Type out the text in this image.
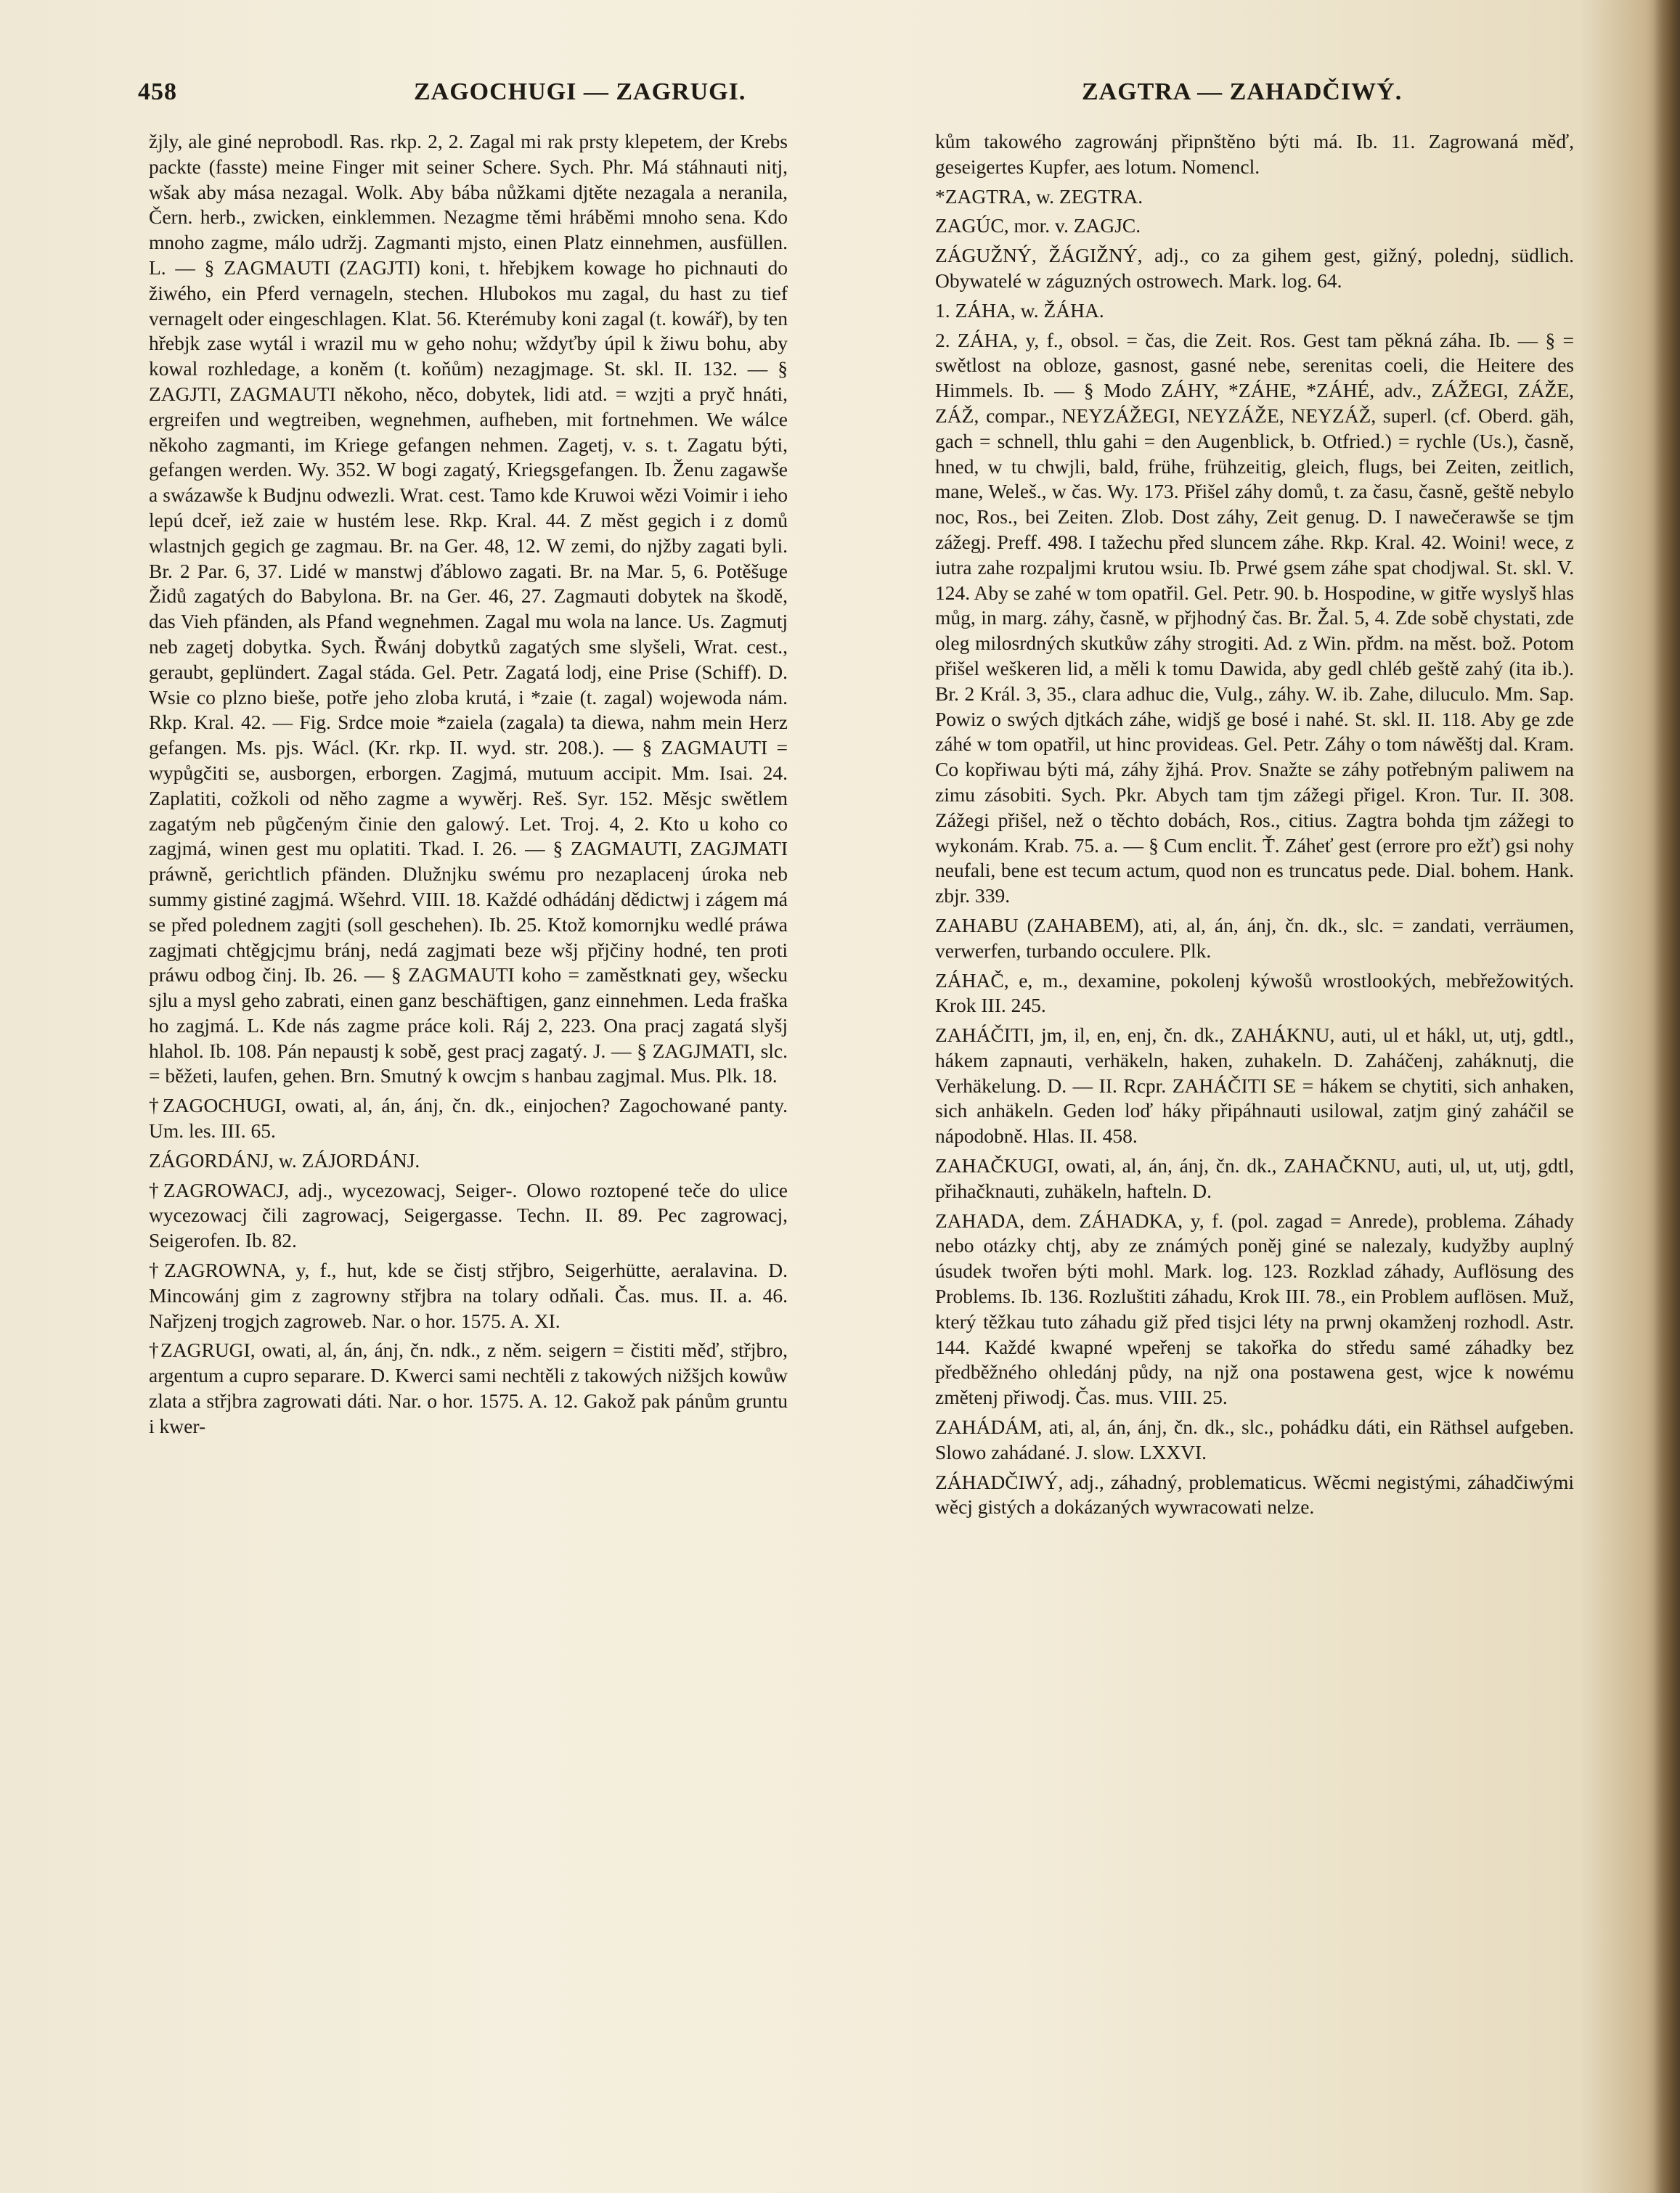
458	ZAGOCHUGI — ZAGRUGI.	ZAGTRA — ZAHADČIWÝ.

žjly, ale giné neprobodl. Ras. rkp. 2, 2. Zagal mi rak prsty klepetem, der Krebs packte (fasste) meine Finger mit seiner Schere. Sych. Phr. Má stáhnauti nitj, wšak aby mása nezagal. Wolk. Aby bába nůžkami djtěte nezagala a neranila, Čern. herb., zwicken, einklemmen. Nezagme těmi hráběmi mnoho sena. Kdo mnoho zagme, málo udržj. Zagmanti mjsto, einen Platz einnehmen, ausfüllen. L. — § ZAGMAUTI (ZAGJTI) koni, t. hřebjkem kowage ho pichnauti do žiwého, ein Pferd vernageln, stechen. Hlubokos mu zagal, du hast zu tief vernagelt oder eingeschlagen. Klat. 56. Kterémuby koni zagal (t. kowář), by ten hřebjk zase wytál i wrazil mu w geho nohu; wždyťby úpil k žiwu bohu, aby kowal rozhledage, a koněm (t. koňům) nezagjmage. St. skl. II. 132. — § ZAGJTI, ZAGMAUTI někoho, něco, dobytek, lidi atd. = wzjti a pryč hnáti, ergreifen und wegtreiben, wegnehmen, aufheben, mit fortnehmen. We wálce někoho zagmanti, im Kriege gefangen nehmen. Zagetj, v. s. t. Zagatu býti, gefangen werden. Wy. 352. W bogi zagatý, Kriegsgefangen. Ib. Ženu zagawše a swázawše k Budjnu odwezli. Wrat. cest. Tamo kde Kruwoi wězi Voimir i ieho lepú dceř, iež zaie w hustém lese. Rkp. Kral. 44. Z měst gegich i z domů wlastnjch gegich ge zagmau. Br. na Ger. 48, 12. W zemi, do njžby zagati byli. Br. 2 Par. 6, 37. Lidé w manstwj ďáblowo zagati. Br. na Mar. 5, 6. Potěšuge Židů zagatých do Babylona. Br. na Ger. 46, 27. Zagmauti dobytek na škodě, das Vieh pfänden, als Pfand wegnehmen. Zagal mu wola na lance. Us. Zagmutj neb zagetj dobytka. Sych. Řwánj dobytků zagatých sme slyšeli, Wrat. cest., geraubt, geplündert. Zagal stáda. Gel. Petr. Zagatá lodj, eine Prise (Schiff). D. Wsie co plzno bieše, potře jeho zloba krutá, i *zaie (t. zagal) wojewoda nám. Rkp. Kral. 42. — Fig. Srdce moie *zaiela (zagala) ta diewa, nahm mein Herz gefangen. Ms. pjs. Wácl. (Kr. rkp. II. wyd. str. 208.). — § ZAGMAUTI = wypůgčiti se, ausborgen, erborgen. Zagjmá, mutuum accipit. Mm. Isai. 24. Zaplatiti, cožkoli od něho zagme a wywěrj. Reš. Syr. 152. Měsjc swětlem zagatým neb půgčeným činie den galowý. Let. Troj. 4, 2. Kto u koho co zagjmá, winen gest mu oplatiti. Tkad. I. 26. — § ZAGMAUTI, ZAGJMATI práwně, gerichtlich pfänden. Dlužnjku swému pro nezaplacenj úroka neb summy gistiné zagjmá. Wšehrd. VIII. 18. Každé odhádánj dědictwj i zágem má se před polednem zagjti (soll geschehen). Ib. 25. Ktož komornjku wedlé práwa zagjmati chtěgjcjmu bránj, nedá zagjmati beze wšj přjčiny hodné, ten proti práwu odbog činj. Ib. 26. — § ZAGMAUTI koho = zaměstknati gey, wšecku sjlu a mysl geho zabrati, einen ganz beschäftigen, ganz einnehmen. Leda fraška ho zagjmá. L. Kde nás zagme práce koli. Ráj 2, 223. Ona pracj zagatá slyšj hlahol. Ib. 108. Pán nepaustj k sobě, gest pracj zagatý. J. — § ZAGJMATI, slc. = běžeti, laufen, gehen. Brn. Smutný k owcjm s hanbau zagjmal. Mus. Plk. 18.

†ZAGOCHUGI, owati, al, án, ánj, čn. dk., einjochen? Zagochowané panty. Um. les. III. 65.

ZÁGORDÁNJ, w. ZÁJORDÁNJ.

†ZAGROWACJ, adj., wycezowacj, Seiger-. Olowo roztopené teče do ulice wycezowacj čili zagrowacj, Seigergasse. Techn. II. 89. Pec zagrowacj, Seigerofen. Ib. 82.

†ZAGROWNA, y, f., hut, kde se čistj střjbro, Seigerhütte, aeralavina. D. Mincowánj gim z zagrowny střjbra na tolary odňali. Čas. mus. II. a. 46. Nařjzenj trogjch zagroweb. Nar. o hor. 1575. A. XI.

†ZAGRUGI, owati, al, án, ánj, čn. ndk., z něm. seigern = čistiti měď, střjbro, argentum a cupro separare. D. Kwerci sami nechtěli z takowých nižšjch kowůw zlata a střjbra zagrowati dáti. Nar. o hor. 1575. A. 12. Gakož pak pánům gruntu i kwer-

kům takowého zagrowánj připnštěno býti má. Ib. 11. Zagrowaná měď, geseigertes Kupfer, aes lotum. Nomencl.

*ZAGTRA, w. ZEGTRA.

ZAGÚC, mor. v. ZAGJC.

ZÁGUŽNÝ, ŽÁGIŽNÝ, adj., co za gihem gest, gižný, polednj, südlich. Obywatelé w záguzných ostrowech. Mark. log. 64.

1. ZÁHA, w. ŽÁHA.

2. ZÁHA, y, f., obsol. = čas, die Zeit. Ros. Gest tam pěkná záha. Ib. — § = swětlost na obloze, gasnost, gasné nebe, serenitas coeli, die Heitere des Himmels. Ib. — § Modo ZÁHY, *ZÁHE, *ZÁHÉ, adv., ZÁŽEGI, ZÁŽE, ZÁŽ, compar., NEYZÁŽEGI, NEYZÁŽE, NEYZÁŽ, superl. (cf. Oberd. gäh, gach = schnell, thlu gahi = den Augenblick, b. Otfried.) = rychle (Us.), časně, hned, w tu chwjli, bald, frühe, frühzeitig, gleich, flugs, bei Zeiten, zeitlich, mane, Weleš., w čas. Wy. 173. Přišel záhy domů, t. za času, časně, geště nebylo noc, Ros., bei Zeiten. Zlob. Dost záhy, Zeit genug. D. I nawečerawše se tjm zážegj. Preff. 498. I tažechu před sluncem záhe. Rkp. Kral. 42. Woini! wece, z iutra zahe rozpaljmi krutou wsiu. Ib. Prwé gsem záhe spat chodjwal. St. skl. V. 124. Aby se zahé w tom opatřil. Gel. Petr. 90. b. Hospodine, w gitře wyslyš hlas můg, in marg. záhy, časně, w přjhodný čas. Br. Žal. 5, 4. Zde sobě chystati, zde oleg milosrdných skutkůw záhy strogiti. Ad. z Win. přdm. na měst. bož. Potom přišel weškeren lid, a měli k tomu Dawida, aby gedl chléb geště zahý (ita ib.). Br. 2 Král. 3, 35., clara adhuc die, Vulg., záhy. W. ib. Zahe, diluculo. Mm. Sap. Powiz o swých djtkách záhe, widjš ge bosé i nahé. St. skl. II. 118. Aby ge zde záhé w tom opatřil, ut hinc provideas. Gel. Petr. Záhy o tom náwěštj dal. Kram. Co kopřiwau býti má, záhy žjhá. Prov. Snažte se záhy potřebným paliwem na zimu zásobiti. Sych. Pkr. Abych tam tjm zážegi přigel. Kron. Tur. II. 308. Zážegi přišel, než o těchto dobách, Ros., citius. Zagtra bohda tjm zážegi to wykonám. Krab. 75. a. — § Cum enclit. Ť. Záheť gest (errore pro ežť) gsi nohy neufali, bene est tecum actum, quod non es truncatus pede. Dial. bohem. Hank. zbjr. 339.

ZAHABU (ZAHABEM), ati, al, án, ánj, čn. dk., slc. = zandati, verräumen, verwerfen, turbando occulere. Plk.

ZÁHAČ, e, m., dexamine, pokolenj kýwošů wrostlookých, mebřežowitých. Krok III. 245.

ZAHÁČITI, jm, il, en, enj, čn. dk., ZAHÁKNU, auti, ul et hákl, ut, utj, gdtl., hákem zapnauti, verhäkeln, haken, zuhakeln. D. Zaháčenj, zaháknutj, die Verhäkelung. D. — II. Rcpr. ZAHÁČITI SE = hákem se chytiti, sich anhaken, sich anhäkeln. Geden loď háky připáhnauti usilowal, zatjm giný zaháčil se nápodobně. Hlas. II. 458.

ZAHAČKUGI, owati, al, án, ánj, čn. dk., ZAHAČKNU, auti, ul, ut, utj, gdtl, přihačknauti, zuhäkeln, hafteln. D.

ZAHADA, dem. ZÁHADKA, y, f. (pol. zagad = Anrede), problema. Záhady nebo otázky chtj, aby ze známých poněj giné se nalezaly, kudyžby auplný úsudek twořen býti mohl. Mark. log. 123. Rozklad záhady, Auflösung des Problems. Ib. 136. Rozluštiti záhadu, Krok III. 78., ein Problem auflösen. Muž, který těžkau tuto záhadu giž před tisjci léty na prwnj okamženj rozhodl. Astr. 144. Každé kwapné wpeřenj se takořka do středu samé záhadky bez předběžného ohledánj půdy, na njž ona postawena gest, wjce k nowému změtenj přiwodj. Čas. mus. VIII. 25.

ZAHÁDÁM, ati, al, án, ánj, čn. dk., slc., pohádku dáti, ein Räthsel aufgeben. Slowo zahádané. J. slow. LXXVI.

ZÁHADČIWÝ, adj., záhadný, problematicus. Wěcmi negistými, záhadčiwými wěcj gistých a dokázaných wywracowati nelze.
